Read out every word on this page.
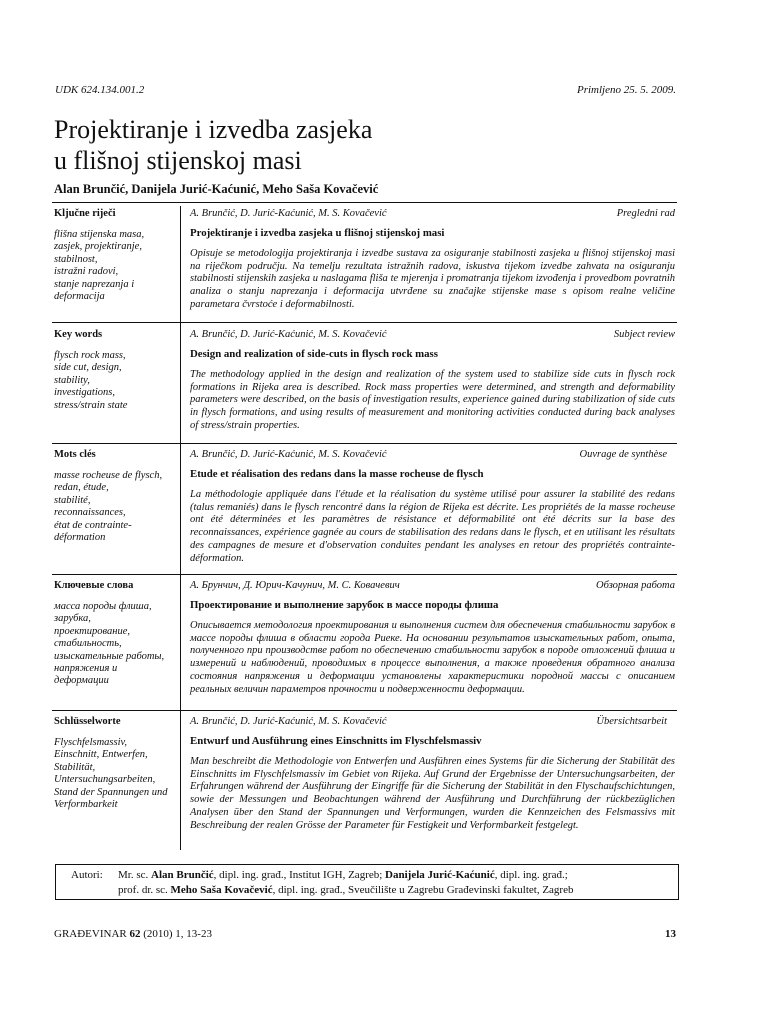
UDK 624.134.001.2	Primljeno 25. 5. 2009.
Projektiranje i izvedba zasjeka
u flišnoj stijenskoj masi
Alan Brunčić, Danijela Jurić-Kaćunić, Meho Saša Kovačević
Ključne riječi
flišna stijenska masa,
zasjek, projektiranje,
stabilnost,
istražni radovi,
stanje naprezanja i
deformacija
A. Brunčić, D. Jurić-Kaćunić, M. S. Kovačević	Pregledni rad
Projektiranje i izvedba zasjeka u flišnoj stijenskoj masi

Opisuje se metodologija projektiranja i izvedbe sustava za osiguranje stabilnosti zasjeka u flišnoj stijenskoj masi na riječkom području. Na temelju rezultata istražnih radova, iskustva tijekom izvedbe zahvata na osiguranju stabilnosti stijenskih zasjeka u naslagama fliša te mjerenja i promatranja tijekom izvođenja i provedbom povratnih analiza o stanju naprezanja i deformacija utvrđene su značajke stijenske mase s opisom realne veličine parametara čvrstoće i deformabilnosti.

Key words
flysch rock mass,
side cut, design,
stability,
investigations,
stress/strain state
A. Brunčić, D. Jurić-Kaćunić, M. S. Kovačević	Subject review
Design and realization of side-cuts in flysch rock mass

The methodology applied in the design and realization of the system used to stabilize side cuts in flysch rock formations in Rijeka area is described. Rock mass properties were determined, and strength and deformability parameters were described, on the basis of investigation results, experience gained during stabilization of side cuts in flysch formations, and using results of measurement and monitoring activities conducted during back analyses of stress/strain properties.

Mots clés
masse rocheuse de flysch,
redan, étude,
stabilité,
reconnaissances,
état de contrainte-
déformation
A. Brunčić, D. Jurić-Kaćunić, M. S. Kovačević	Ouvrage de synthèse
Etude et réalisation des redans dans la masse rocheuse de flysch

La méthodologie appliquée dans l'étude et la réalisation du système utilisé pour assurer la stabilité des redans (talus remaniés) dans le flysch rencontré dans la région de Rijeka est décrite. Les propriétés de la masse rocheuse ont été déterminées et les paramètres de résistance et déformabilité ont été décrits sur la base des reconnaissances, expérience gagnée au cours de stabilisation des redans dans le flysch, et en utilisant les résultats des campagnes de mesure et d'observation conduites pendant les analyses en retour des propriétés contrainte-déformation.

Ключевые слова
масса породы флиша,
зарубка,
проектирование,
стабильность,
изыскательные работы,
напряжения и
деформации
А. Брунчич, Д. Юрич-Качунич, М. С. Ковачевич	Обзорная работа
Проектирование и выполнение зарубок в массе породы флиша

Описывается методология проектирования и выполнения систем для обеспечения стабильности зарубок в массе породы флиша в области города Риеке. На основании результатов изыскательных работ, опыта, полученного при производстве работ по обеспечению стабильности зарубок в породе отложений флиша и измерений и наблюдений, проводимых в процессе выполнения, а также проведения обратного анализа состояния напряжения и деформации установлены характеристики породной массы с описанием реальных величин параметров прочности и подверженности деформации.

Schlüsselworte
Flyschfelsmassiv,
Einschnitt, Entwerfen,
Stabilität,
Untersuchungsarbeiten,
Stand der Spannungen und
Verformbarkeit
A. Brunčić, D. Jurić-Kaćunić, M. S. Kovačević	Übersichtsarbeit
Entwurf und Ausführung eines Einschnitts im Flyschfelsmassiv

Man beschreibt die Methodologie von Entwerfen und Ausführen eines Systems für die Sicherung der Stabilität des Einschnitts im Flyschfelsmassiv im Gebiet von Rijeka. Auf Grund der Ergebnisse der Untersuchungsarbeiten, der Erfahrungen während der Ausführung der Eingriffe für die Sicherung der Stabilität in den Flyschaufschichtungen, sowie der Messungen und Beobachtungen während der Ausführung und Durchführung der rückbezüglichen Analysen über den Stand der Spannungen und Verformungen, wurden die Kennzeichen des Felsmassivs mit Beschreibung der realen Grösse der Parameter für Festigkeit und Verformbarkeit festgelegt.

Autori: Mr. sc. Alan Brunčić, dipl. ing. građ., Institut IGH, Zagreb; Danijela Jurić-Kaćunić, dipl. ing. građ.;
prof. dr. sc. Meho Saša Kovačević, dipl. ing. građ., Sveučilište u Zagrebu Građevinski fakultet, Zagreb
GRAĐEVINAR 62 (2010) 1, 13-23	13
